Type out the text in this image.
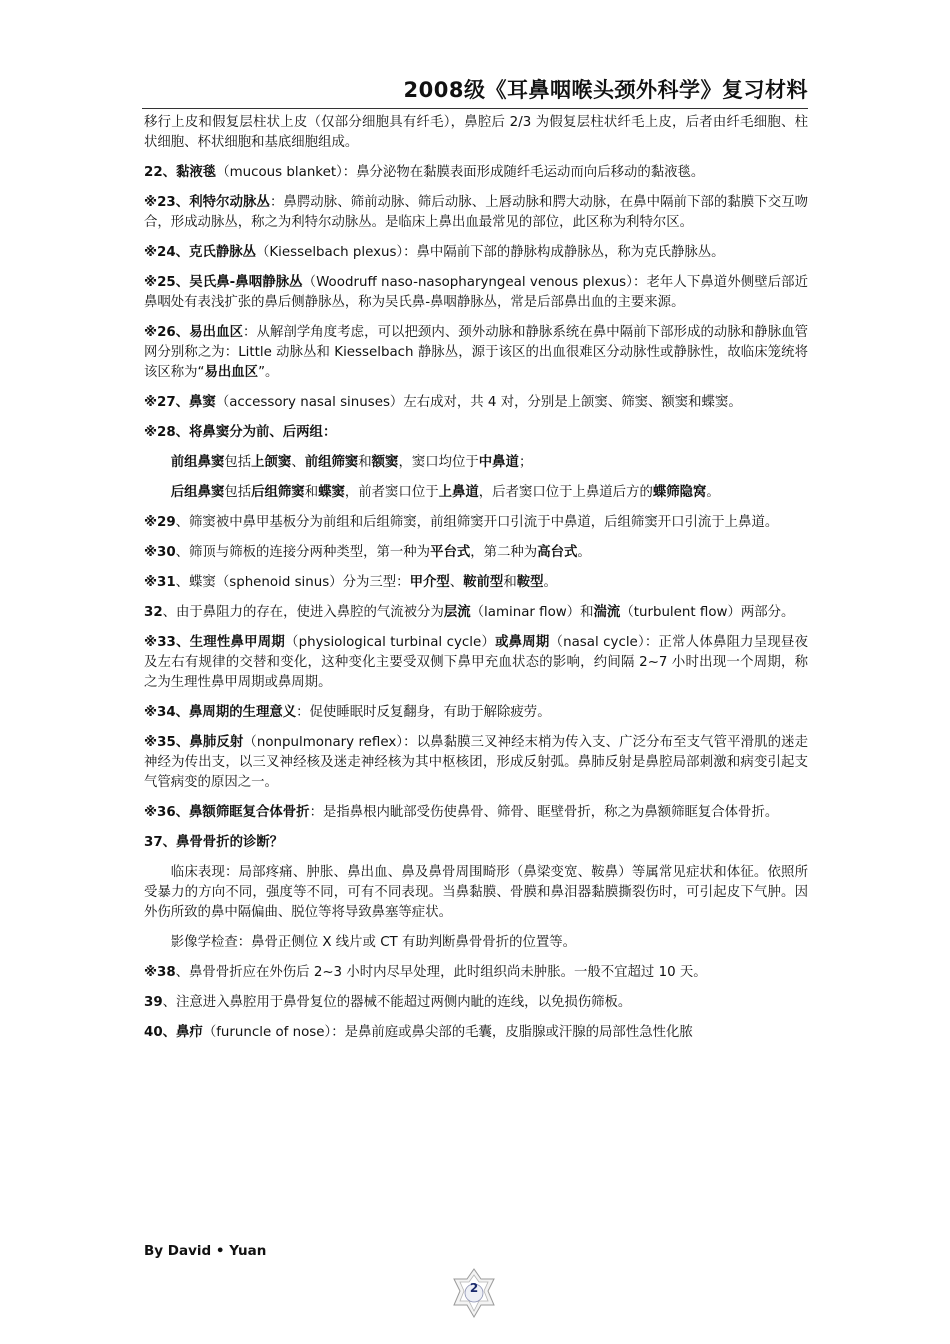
2008级《耳鼻咽喉头颈外科学》复习材料

移行上皮和假复层柱状上皮（仅部分细胞具有纤毛），鼻腔后 2/3 为假复层柱状纤毛上皮，后者由纤毛细胞、柱状细胞、杯状细胞和基底细胞组成。

22、黏液毯（mucous blanket）：鼻分泌物在黏膜表面形成随纤毛运动而向后移动的黏液毯。

※23、利特尔动脉丛：鼻腭动脉、筛前动脉、筛后动脉、上唇动脉和腭大动脉，在鼻中隔前下部的黏膜下交互吻合，形成动脉丛，称之为利特尔动脉丛。是临床上鼻出血最常见的部位，此区称为利特尔区。

※24、克氏静脉丛（Kiesselbach plexus）：鼻中隔前下部的静脉构成静脉丛，称为克氏静脉丛。

※25、吴氏鼻-鼻咽静脉丛（Woodruff naso-nasopharyngeal venous plexus）：老年人下鼻道外侧壁后部近鼻咽处有表浅扩张的鼻后侧静脉丛，称为吴氏鼻-鼻咽静脉丛，常是后部鼻出血的主要来源。

※26、易出血区：从解剖学角度考虑，可以把颈内、颈外动脉和静脉系统在鼻中隔前下部形成的动脉和静脉血管网分别称之为：Little 动脉丛和 Kiesselbach 静脉丛，源于该区的出血很难区分动脉性或静脉性，故临床笼统将该区称为“易出血区”。

※27、鼻窦（accessory nasal sinuses）左右成对，共 4 对，分别是上颌窦、筛窦、额窦和蝶窦。

※28、将鼻窦分为前、后两组：

前组鼻窦包括上颌窦、前组筛窦和额窦，窦口均位于中鼻道；

后组鼻窦包括后组筛窦和蝶窦，前者窦口位于上鼻道，后者窦口位于上鼻道后方的蝶筛隐窝。

※29、筛窦被中鼻甲基板分为前组和后组筛窦，前组筛窦开口引流于中鼻道，后组筛窦开口引流于上鼻道。

※30、筛顶与筛板的连接分两种类型，第一种为平台式，第二种为高台式。

※31、蝶窦（sphenoid sinus）分为三型：甲介型、鞍前型和鞍型。

32、由于鼻阻力的存在，使进入鼻腔的气流被分为层流（laminar flow）和湍流（turbulent flow）两部分。

※33、生理性鼻甲周期（physiological turbinal cycle）或鼻周期（nasal cycle）：正常人体鼻阻力呈现昼夜及左右有规律的交替和变化，这种变化主要受双侧下鼻甲充血状态的影响，约间隔 2~7 小时出现一个周期，称之为生理性鼻甲周期或鼻周期。

※34、鼻周期的生理意义：促使睡眠时反复翻身，有助于解除疲劳。

※35、鼻肺反射（nonpulmonary reflex）：以鼻黏膜三叉神经末梢为传入支、广泛分布至支气管平滑肌的迷走神经为传出支，以三叉神经核及迷走神经核为其中枢核团，形成反射弧。鼻肺反射是鼻腔局部刺激和病变引起支气管病变的原因之一。

※36、鼻额筛眶复合体骨折：是指鼻根内眦部受伤使鼻骨、筛骨、眶壁骨折，称之为鼻额筛眶复合体骨折。

37、鼻骨骨折的诊断？

临床表现：局部疼痛、肿胀、鼻出血、鼻及鼻骨周围畸形（鼻梁变宽、鞍鼻）等属常见症状和体征。依照所受暴力的方向不同，强度等不同，可有不同表现。当鼻黏膜、骨膜和鼻泪器黏膜撕裂伤时，可引起皮下气肿。因外伤所致的鼻中隔偏曲、脱位等将导致鼻塞等症状。

影像学检查：鼻骨正侧位 X 线片或 CT 有助判断鼻骨骨折的位置等。

※38、鼻骨骨折应在外伤后 2~3 小时内尽早处理，此时组织尚未肿胀。一般不宜超过 10 天。

39、注意进入鼻腔用于鼻骨复位的器械不能超过两侧内眦的连线，以免损伤筛板。

40、鼻疖（furuncle of nose）：是鼻前庭或鼻尖部的毛囊，皮脂腺或汗腺的局部性急性化脓

By David • Yuan
2
